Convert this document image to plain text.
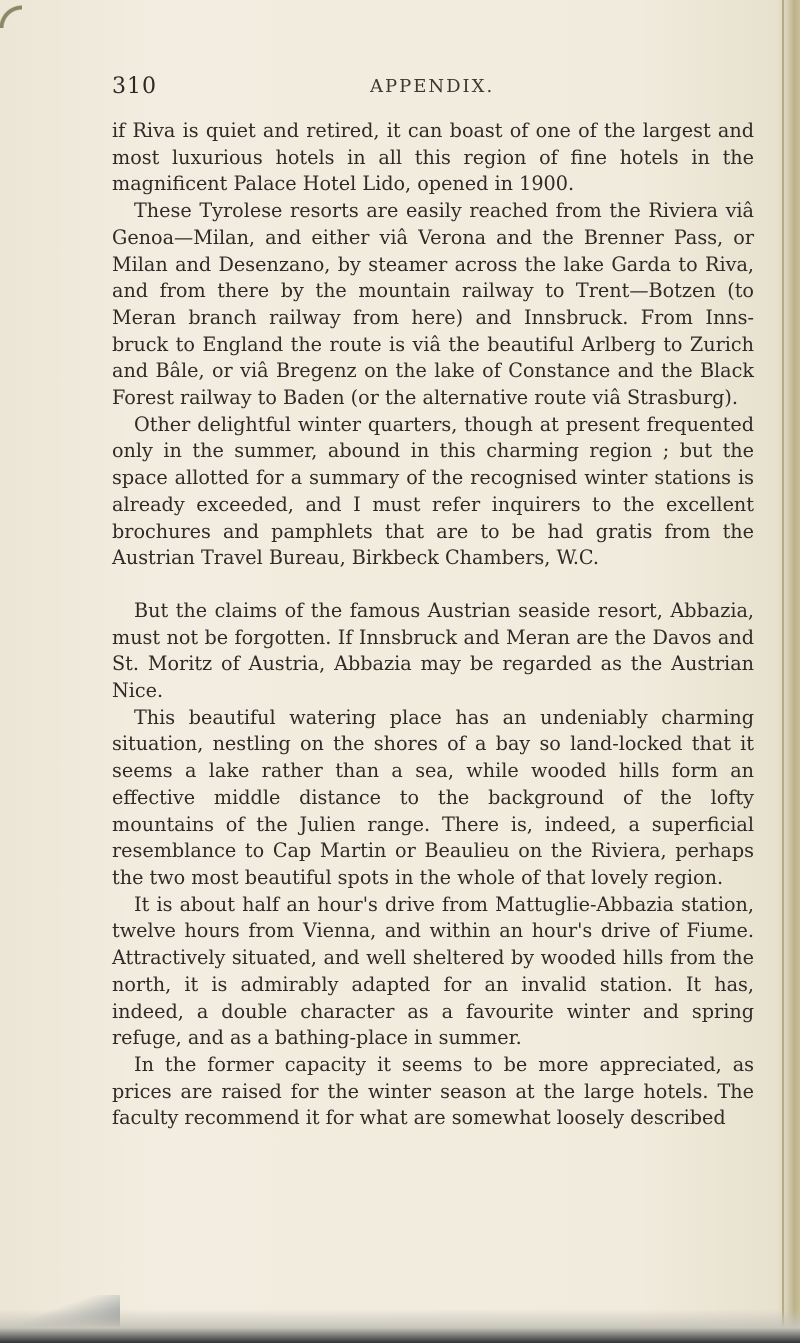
310	APPENDIX.

if Riva is quiet and retired, it can boast of one of the largest and most luxurious hotels in all this region of fine hotels in the magnificent Palace Hotel Lido, opened in 1900.

These Tyrolese resorts are easily reached from the Riviera viâ Genoa—Milan, and either viâ Verona and the Brenner Pass, or Milan and Desenzano, by steamer across the lake Garda to Riva, and from there by the mountain railway to Trent—Botzen (to Meran branch railway from here) and Innsbruck. From Inns-bruck to England the route is viâ the beautiful Arlberg to Zurich and Bâle, or viâ Bregenz on the lake of Constance and the Black Forest railway to Baden (or the alternative route viâ Strasburg).

Other delightful winter quarters, though at present frequented only in the summer, abound in this charming region ; but the space allotted for a summary of the recognised winter stations is already exceeded, and I must refer inquirers to the excellent brochures and pamphlets that are to be had gratis from the Austrian Travel Bureau, Birkbeck Chambers, W.C.

But the claims of the famous Austrian seaside resort, Abbazia, must not be forgotten. If Innsbruck and Meran are the Davos and St. Moritz of Austria, Abbazia may be regarded as the Austrian Nice.

This beautiful watering place has an undeniably charming situation, nestling on the shores of a bay so land-locked that it seems a lake rather than a sea, while wooded hills form an effective middle distance to the background of the lofty mountains of the Julien range. There is, indeed, a superficial resemblance to Cap Martin or Beaulieu on the Riviera, perhaps the two most beautiful spots in the whole of that lovely region.

It is about half an hour's drive from Mattuglie-Abbazia station, twelve hours from Vienna, and within an hour's drive of Fiume. Attractively situated, and well sheltered by wooded hills from the north, it is admirably adapted for an invalid station. It has, indeed, a double character as a favourite winter and spring refuge, and as a bathing-place in summer.

In the former capacity it seems to be more appreciated, as prices are raised for the winter season at the large hotels. The faculty recommend it for what are somewhat loosely described
